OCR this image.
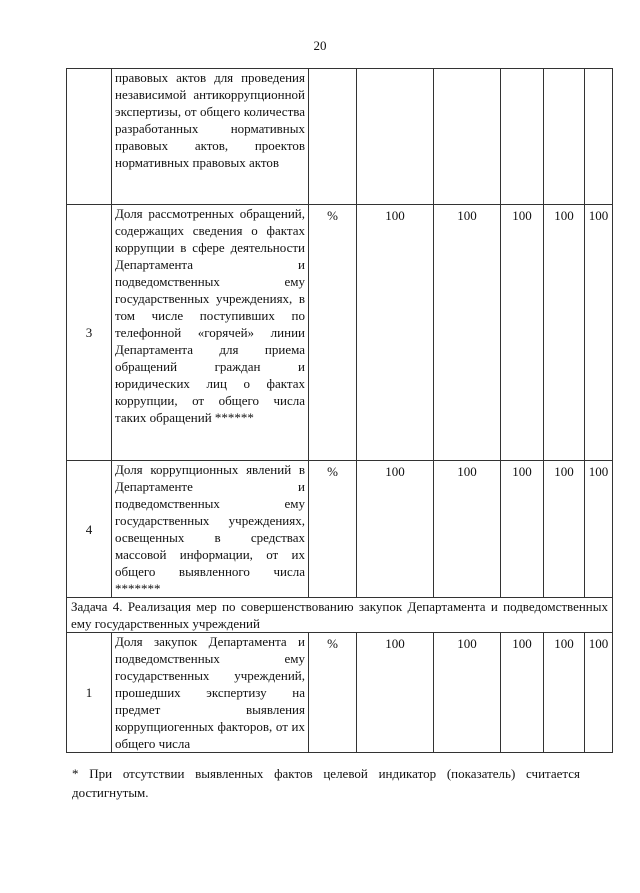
20
	правовых актов для проведения независимой антикоррупционной экспертизы, от общего количества разработанных нормативных правовых актов, проектов нормативных правовых актов						
3	Доля рассмотренных обращений, содержащих сведения о фактах коррупции в сфере деятельности Департамента и подведомственных ему государственных учреждениях, в том числе поступивших по телефонной «горячей» линии Департамента для приема обращений граждан и юридических лиц о фактах коррупции, от общего числа таких обращений ******	%	100	100	100	100	100
4	Доля коррупционных явлений в Департаменте и подведомственных ему государственных учреждениях, освещенных в средствах массовой информации, от их общего выявленного числа *******	%	100	100	100	100	100
Задача 4. Реализация мер по совершенствованию закупок Департамента и подведомственных ему государственных учреждений							
1	Доля закупок Департамента и подведомственных ему государственных учреждений, прошедших экспертизу на предмет выявления коррупциогенных факторов, от их общего числа	%	100	100	100	100	100
* При отсутствии выявленных фактов целевой индикатор (показатель) считается достигнутым.
